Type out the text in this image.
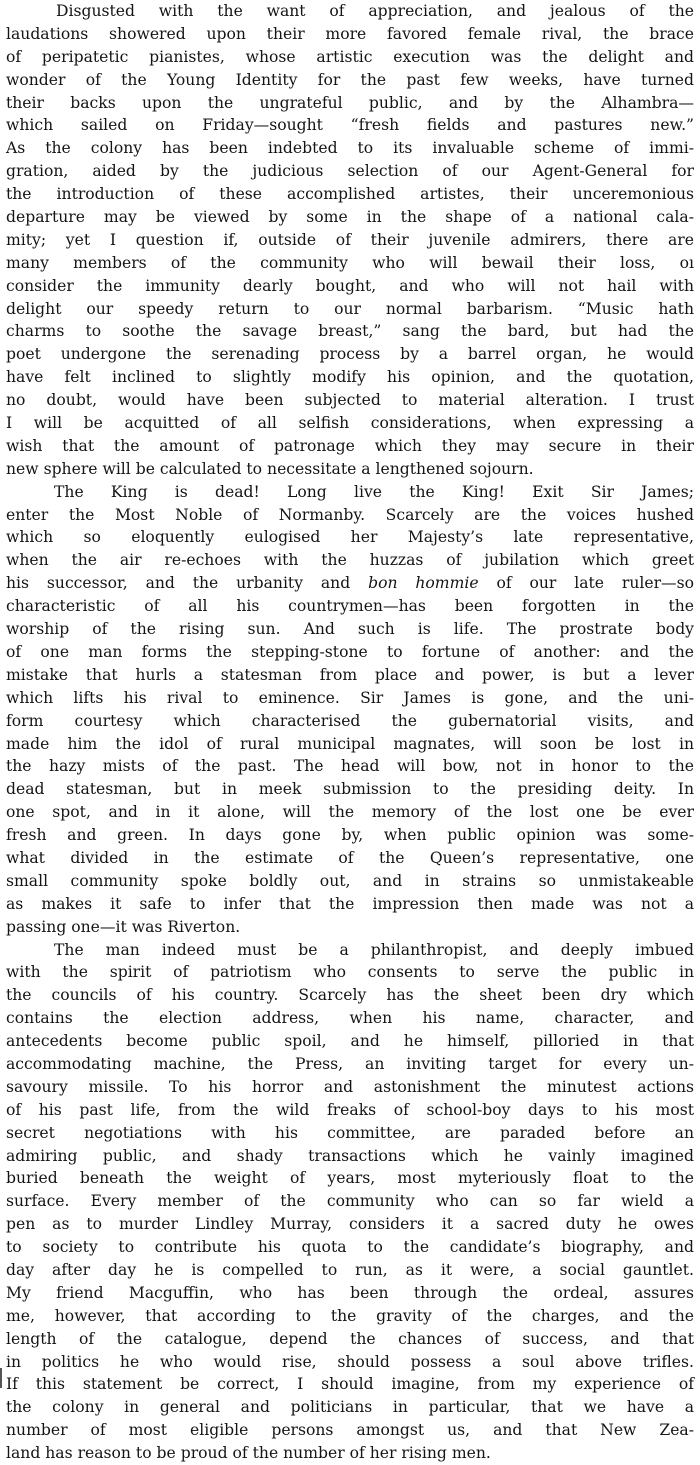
Disgusted with the want of appreciation, and jealous of the
laudations showered upon their more favored female rival, the brace
of peripatetic pianistes, whose artistic execution was the delight and
wonder of the Young Identity for the past few weeks, have turned
their backs upon the ungrateful public, and by the Alhambra—
which sailed on Friday—sought “fresh fields and pastures new.”
As the colony has been indebted to its invaluable scheme of immi-
gration, aided by the judicious selection of our Agent-General for
the introduction of these accomplished artistes, their unceremonious
departure may be viewed by some in the shape of a national cala-
mity; yet I question if, outside of their juvenile admirers, there are
many members of the community who will bewail their loss, oı
consider the immunity dearly bought, and who will not hail with
delight our speedy return to our normal barbarism. “Music hath
charms to soothe the savage breast,” sang the bard, but had the
poet undergone the serenading process by a barrel organ, he would
have felt inclined to slightly modify his opinion, and the quotation,
no doubt, would have been subjected to material alteration. I trust
I will be acquitted of all selfish considerations, when expressing a
wish that the amount of patronage which they may secure in their
new sphere will be calculated to necessitate a lengthened sojourn.
The King is dead! Long live the King! Exit Sir James;
enter the Most Noble of Normanby. Scarcely are the voices hushed
which so eloquently eulogised her Majesty’s late representative,
when the air re-echoes with the huzzas of jubilation which greet
his successor, and the urbanity and bon hommie of our late ruler—so
characteristic of all his countrymen—has been forgotten in the
worship of the rising sun. And such is life. The prostrate body
of one man forms the stepping-stone to fortune of another: and the
mistake that hurls a statesman from place and power, is but a lever
which lifts his rival to eminence. Sir James is gone, and the uni-
form courtesy which characterised the gubernatorial visits, and
made him the idol of rural municipal magnates, will soon be lost in
the hazy mists of the past. The head will bow, not in honor to the
dead statesman, but in meek submission to the presiding deity. In
one spot, and in it alone, will the memory of the lost one be ever
fresh and green. In days gone by, when public opinion was some-
what divided in the estimate of the Queen’s representative, one
small community spoke boldly out, and in strains so unmistakeable
as makes it safe to infer that the impression then made was not a
passing one—it was Riverton.
The man indeed must be a philanthropist, and deeply imbued
with the spirit of patriotism who consents to serve the public in
the councils of his country. Scarcely has the sheet been dry which
contains the election address, when his name, character, and
antecedents become public spoil, and he himself, pilloried in that
accommodating machine, the Press, an inviting target for every un-
savoury missile. To his horror and astonishment the minutest actions
of his past life, from the wild freaks of school-boy days to his most
secret negotiations with his committee, are paraded before an
admiring public, and shady transactions which he vainly imagined
buried beneath the weight of years, most myteriously float to the
surface. Every member of the community who can so far wield a
pen as to murder Lindley Murray, considers it a sacred duty he owes
to society to contribute his quota to the candidate’s biography, and
day after day he is compelled to run, as it were, a social gauntlet.
My friend Macguffin, who has been through the ordeal, assures
me, however, that according to the gravity of the charges, and the
length of the catalogue, depend the chances of success, and that
in politics he who would rise, should possess a soul above trifles.
If this statement be correct, I should imagine, from my experience of
the colony in general and politicians in particular, that we have a
number of most eligible persons amongst us, and that New Zea-
land has reason to be proud of the number of her rising men.
